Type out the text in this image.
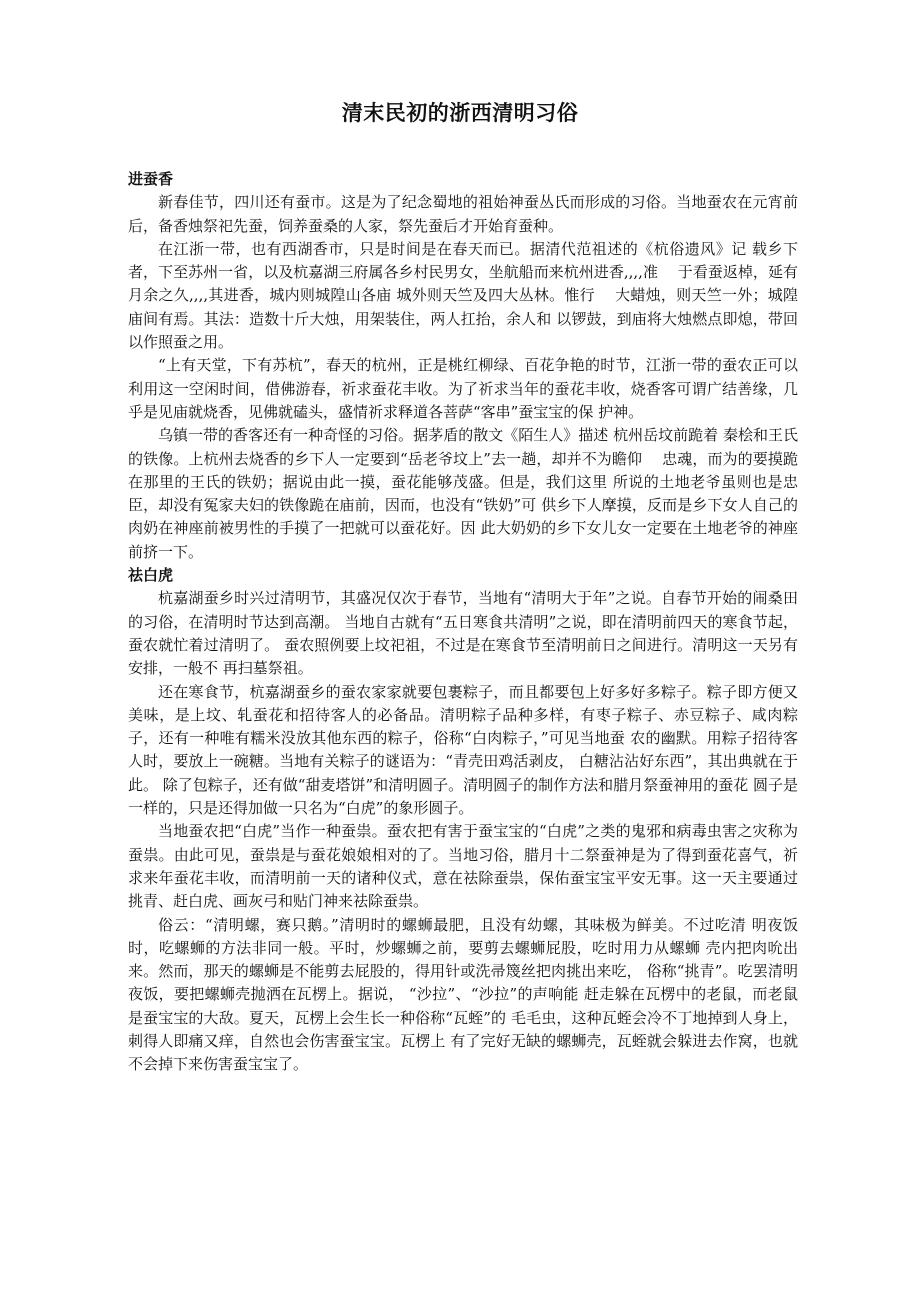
清末民初的浙西清明习俗

进蚕香

新春佳节，四川还有蚕市。这是为了纪念蜀地的祖始神蚕丛氏而形成的习俗。当地蚕农在元宵前后，备香烛祭祀先蚕，饲养蚕桑的人家，祭先蚕后才开始育蚕种。

在江浙一带，也有西湖香市，只是时间是在春天而已。据清代范祖述的《杭俗遗风》记 载乡下者，下至苏州一省，以及杭嘉湖三府属各乡村民男女，坐航船而来杭州进香,,,,准　 于看蚕返棹，延有月余之久,,,,其进香，城内则城隍山各庙 城外则天竺及四大丛林。惟行　 大蜡烛，则天竺一外；城隍庙间有焉。其法：造数十斤大烛，用架装住，两人扛抬，余人和 以锣鼓，到庙将大烛燃点即熄，带回以作照蚕之用。

“上有天堂，下有苏杭”，春天的杭州，正是桃红柳绿、百花争艳的时节，江浙一带的蚕农正可以利用这一空闲时间，借佛游春，祈求蚕花丰收。为了祈求当年的蚕花丰收，烧香客可谓广结善缘，几乎是见庙就烧香，见佛就磕头，盛情祈求释道各菩萨“客串”蚕宝宝的保 护神。

乌镇一带的香客还有一种奇怪的习俗。据茅盾的散文《陌生人》描述 杭州岳坟前跪着 秦桧和王氏的铁像。上杭州去烧香的乡下人一定要到“岳老爷坟上”去一趟，却并不为瞻仰　 忠魂，而为的要摸跪在那里的王氏的铁奶；据说由此一摸，蚕花能够茂盛。但是，我们这里 所说的土地老爷虽则也是忠臣，却没有冤家夫妇的铁像跪在庙前，因而，也没有“铁奶”可 供乡下人摩摸，反而是乡下女人自己的肉奶在神座前被男性的手摸了一把就可以蚕花好。因 此大奶奶的乡下女儿女一定要在土地老爷的神座前挤一下。

祛白虎

杭嘉湖蚕乡时兴过清明节，其盛况仅次于春节，当地有“清明大于年”之说。自春节开始的闹桑田的习俗，在清明时节达到高潮。 当地自古就有“五日寒食共清明”之说，即在清明前四天的寒食节起，蚕农就忙着过清明了。 蚕农照例要上坟祀祖，不过是在寒食节至清明前日之间进行。清明这一天另有安排，一般不 再扫墓祭祖。

还在寒食节，杭嘉湖蚕乡的蚕农家家就要包裹粽子，而且都要包上好多好多粽子。粽子即方便又美味，是上坟、轧蚕花和招待客人的必备品。清明粽子品种多样，有枣子粽子、赤豆粽子、咸肉粽子，还有一种唯有糯米没放其他东西的粽子，俗称“白肉粽子，”可见当地蚕 农的幽默。用粽子招待客人时，要放上一碗糖。当地有关粽子的谜语为：“青壳田鸡活剥皮， 白糖沾沾好东西”，其出典就在于此。 除了包粽子，还有做“甜麦塔饼”和清明圆子。清明圆子的制作方法和腊月祭蚕神用的蚕花 圆子是一样的，只是还得加做一只名为“白虎”的象形圆子。

当地蚕农把“白虎”当作一种蚕祟。蚕农把有害于蚕宝宝的“白虎”之类的鬼邪和病毒虫害之灾称为蚕祟。由此可见，蚕祟是与蚕花娘娘相对的了。当地习俗，腊月十二祭蚕神是为了得到蚕花喜气，祈求来年蚕花丰收，而清明前一天的诸种仪式，意在祛除蚕祟，保佑蚕宝宝平安无事。这一天主要通过挑青、赶白虎、画灰弓和贴门神来祛除蚕祟。

俗云：“清明螺，赛只鹅。”清明时的螺蛳最肥，且没有幼螺，其味极为鲜美。不过吃清 明夜饭时，吃螺蛳的方法非同一般。平时，炒螺蛳之前，要剪去螺蛳屁股，吃时用力从螺蛳 壳内把肉吮出来。然而，那天的螺蛳是不能剪去屁股的，得用针或洗帚篾丝把肉挑出来吃， 俗称“挑青”。吃罢清明夜饭，要把螺蛳壳抛洒在瓦楞上。据说， “沙拉”、“沙拉”的声响能 赶走躲在瓦楞中的老鼠，而老鼠是蚕宝宝的大敌。夏天，瓦楞上会生长一种俗称“瓦蛭”的 毛毛虫，这种瓦蛭会冷不丁地掉到人身上，刺得人即痛又痒，自然也会伤害蚕宝宝。瓦楞上 有了完好无缺的螺蛳壳，瓦蛭就会躲进去作窝，也就不会掉下来伤害蚕宝宝了。
